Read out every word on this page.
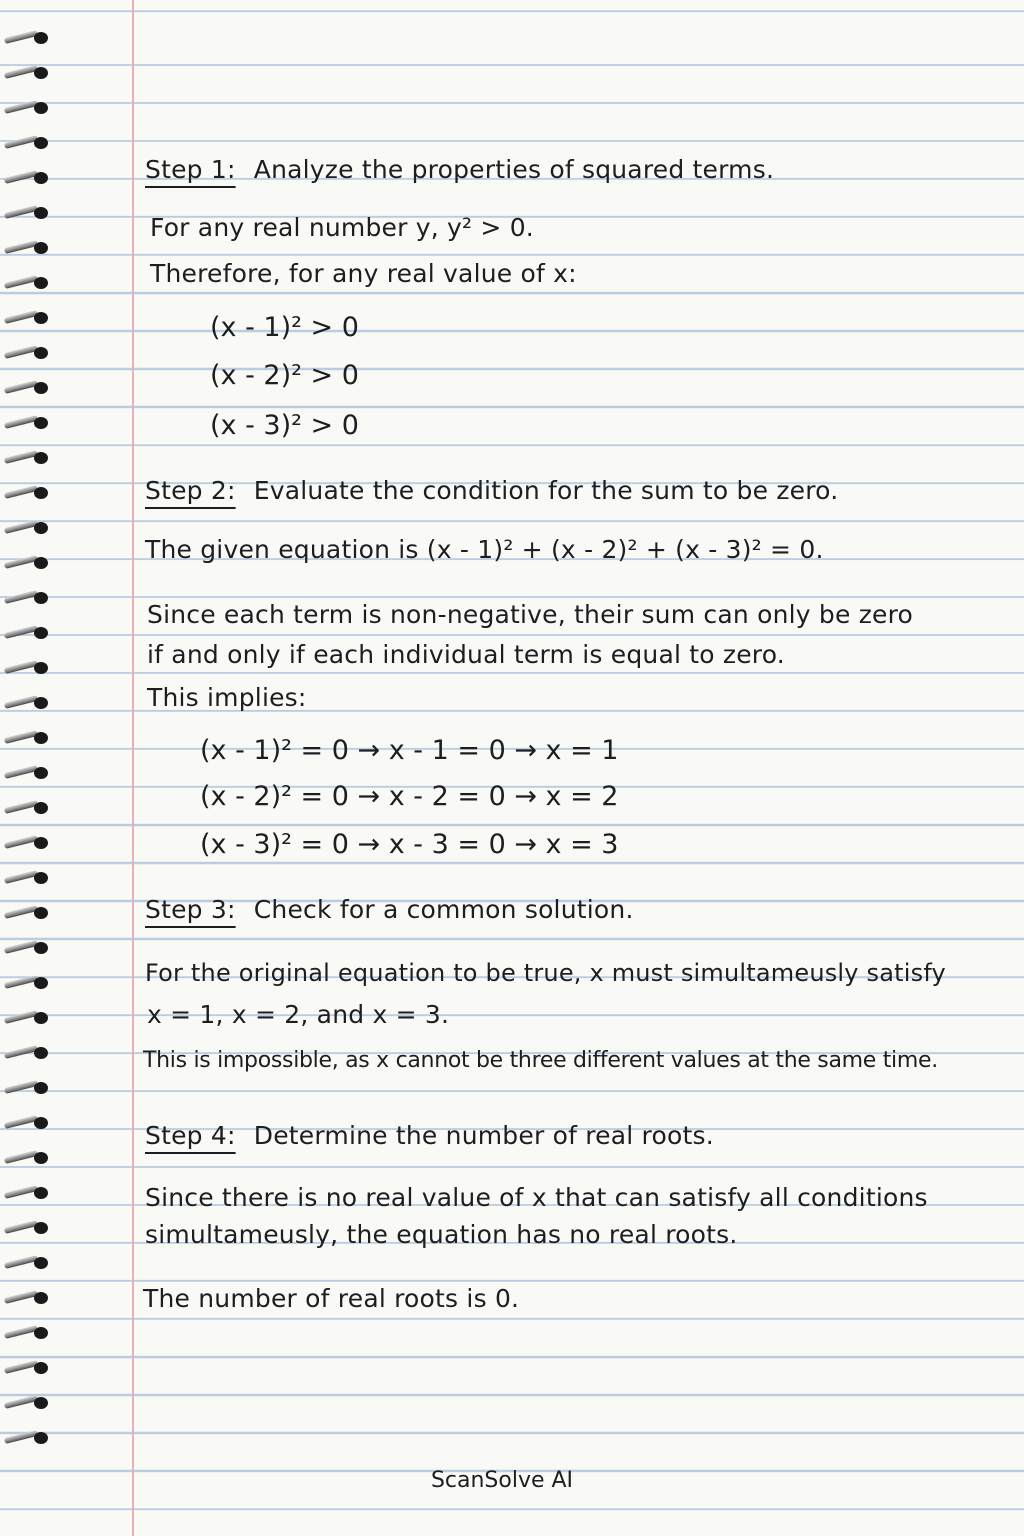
Step 1: Analyze the properties of squared terms.
For any real number y, y² > 0.
Therefore, for any real value of x:
(x - 1)² > 0
(x - 2)² > 0
(x - 3)² > 0
Step 2: Evaluate the condition for the sum to be zero.
The given equation is (x - 1)² + (x - 2)² + (x - 3)² = 0.
Since each term is non-negative, their sum can only be zero
if and only if each individual term is equal to zero.
This implies:
(x - 1)² = 0 → x - 1 = 0 → x = 1
(x - 2)² = 0 → x - 2 = 0 → x = 2
(x - 3)² = 0 → x - 3 = 0 → x = 3
Step 3: Check for a common solution.
For the original equation to be true, x must simultameusly satisfy
x = 1, x = 2, and x = 3.
This is impossible, as x cannot be three different values at the same time.
Step 4: Determine the number of real roots.
Since there is no real value of x that can satisfy all conditions
simultameusly, the equation has no real roots.
The number of real roots is 0.
ScanSolve AI
